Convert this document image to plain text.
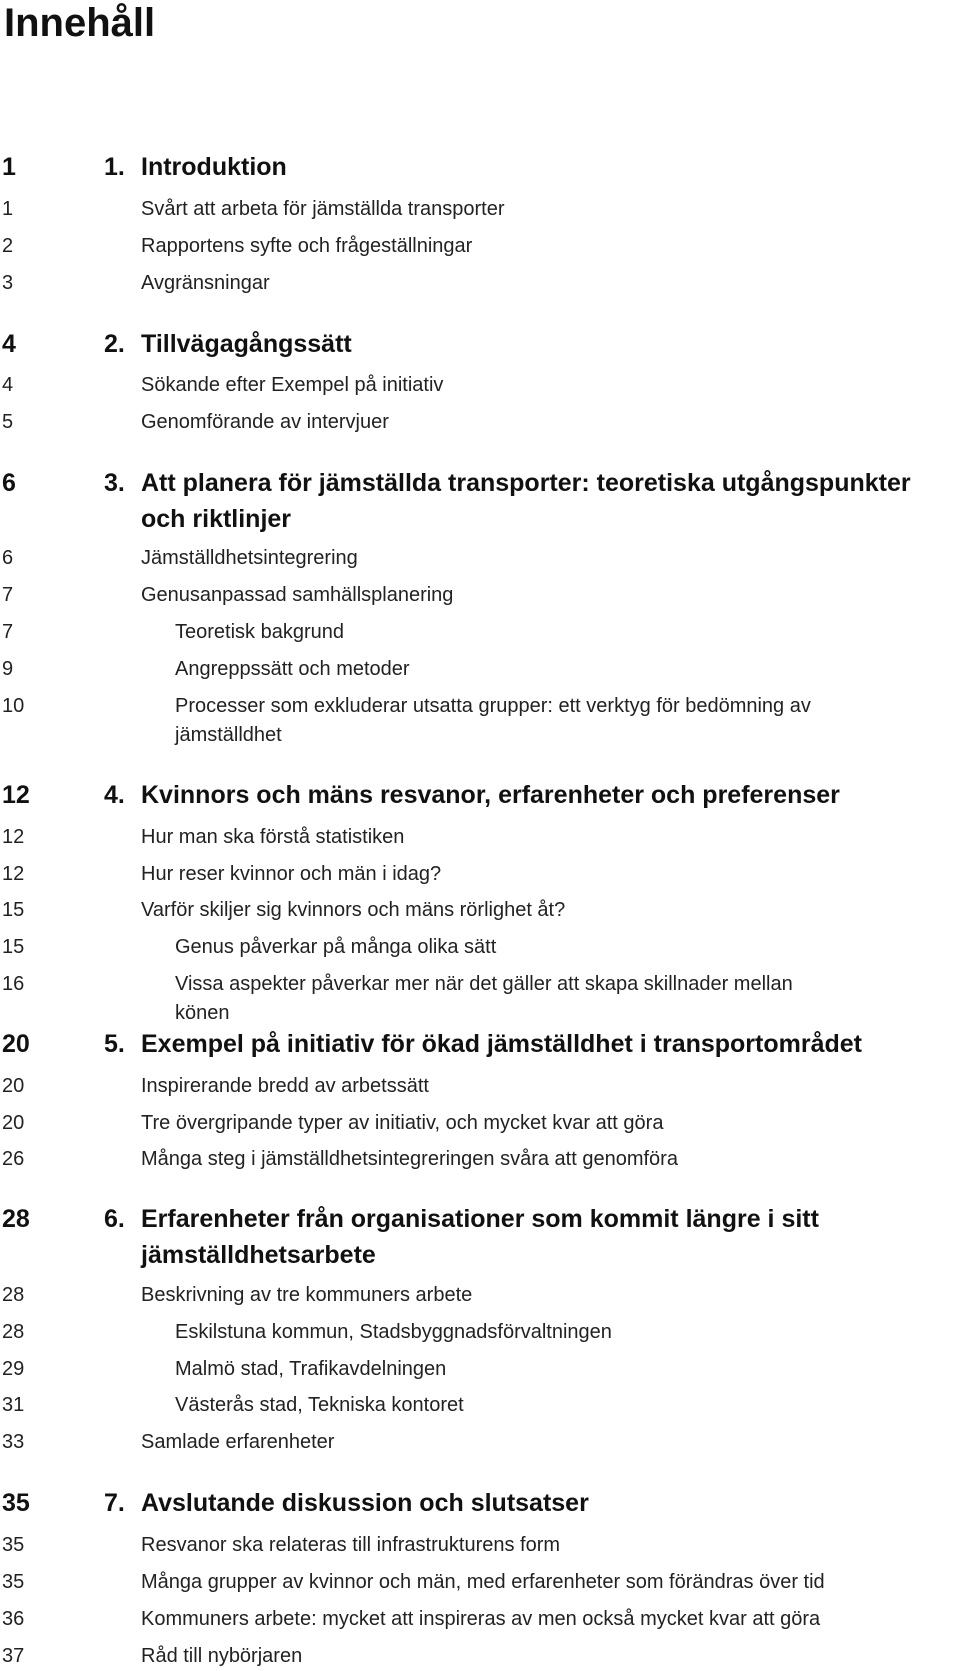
Innehåll
1	1. Introduktion
1	Svårt att arbeta för jämställda transporter
2	Rapportens syfte och frågeställningar
3	Avgränsningar
4	2. Tillvägagångssätt
4	Sökande efter Exempel på initiativ
5	Genomförande av intervjuer
6	3. Att planera för jämställda transporter: teoretiska utgångspunkter och riktlinjer
6	Jämställdhetsintegrering
7	Genusanpassad samhällsplanering
7	Teoretisk bakgrund
9	Angreppssätt och metoder
10	Processer som exkluderar utsatta grupper: ett verktyg för bedömning av jämställdhet
12	4. Kvinnors och mäns resvanor, erfarenheter och preferenser
12	Hur man ska förstå statistiken
12	Hur reser kvinnor och män i idag?
15	Varför skiljer sig kvinnors och mäns rörlighet åt?
15	Genus påverkar på många olika sätt
16	Vissa aspekter påverkar mer när det gäller att skapa skillnader mellan könen
20	5. Exempel på initiativ för ökad jämställdhet i transportområdet
20	Inspirerande bredd av arbetssätt
20	Tre övergripande typer av initiativ, och mycket kvar att göra
26	Många steg i jämställdhetsintegreringen svåra att genomföra
28	6. Erfarenheter från organisationer som kommit längre i sitt jämställdhetsarbete
28	Beskrivning av tre kommuners arbete
28	Eskilstuna kommun, Stadsbyggnadsförvaltningen
29	Malmö stad, Trafikavdelningen
31	Västerås stad, Tekniska kontoret
33	Samlade erfarenheter
35	7. Avslutande diskussion och slutsatser
35	Resvanor ska relateras till infrastrukturens form
35	Många grupper av kvinnor och män, med erfarenheter som förändras över tid
36	Kommuners arbete: mycket att inspireras av men också mycket kvar att göra
37	Råd till nybörjaren
